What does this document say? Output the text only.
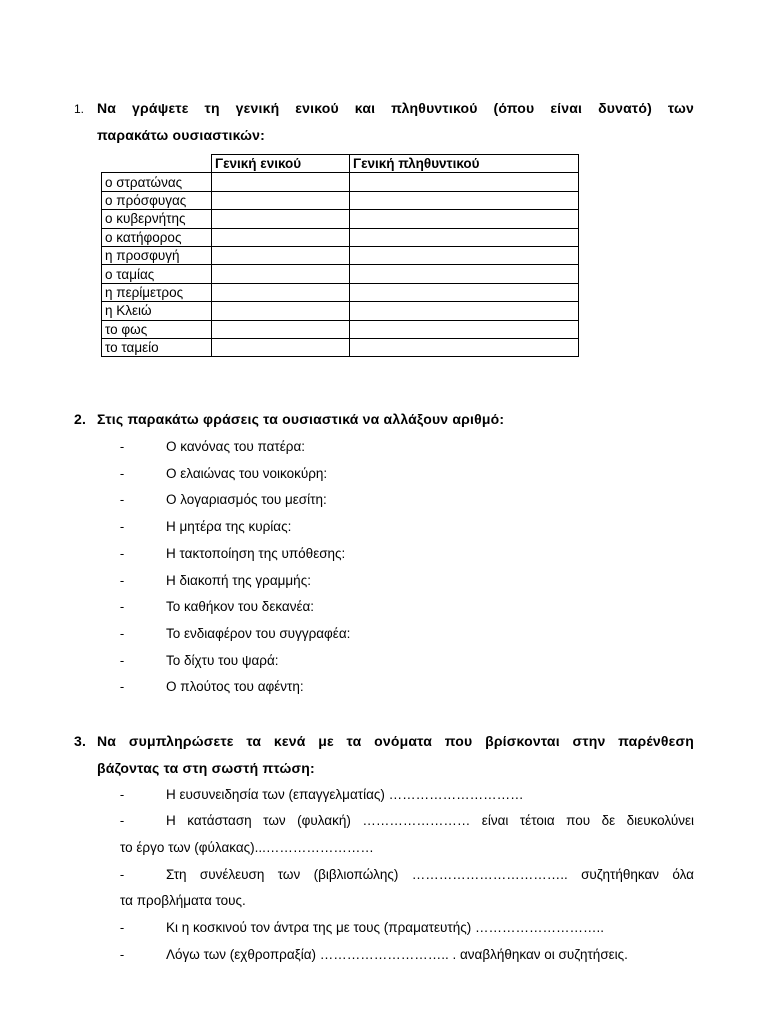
1. Να γράψετε τη γενική ενικού και πληθυντικού (όπου είναι δυνατό) των
παρακάτω ουσιαστικών:
	Γενική ενικού	Γενική πληθυντικού
ο στρατώνας		
ο πρόσφυγας		
ο κυβερνήτης		
ο κατήφορος		
η προσφυγή		
ο ταμίας		
η περίμετρος		
η Κλειώ		
το φως		
το ταμείο		
2. Στις παρακάτω φράσεις τα ουσιαστικά να αλλάξουν αριθμό:
-	Ο κανόνας του πατέρα:
-	Ο ελαιώνας του νοικοκύρη:
-	Ο λογαριασμός του μεσίτη:
-	Η μητέρα της κυρίας:
-	Η τακτοποίηση της υπόθεσης:
-	Η διακοπή της γραμμής:
-	Το καθήκον του δεκανέα:
-	Το ενδιαφέρον του συγγραφέα:
-	Το δίχτυ του ψαρά:
-	Ο πλούτος του αφέντη:
3. Να συμπληρώσετε τα κενά με τα ονόματα που βρίσκονται στην παρένθεση
βάζοντας τα στη σωστή πτώση:
-	Η ευσυνειδησία των (επαγγελματίας) …………………………
-	Η κατάσταση των (φυλακή) …………………… είναι τέτοια που δε διευκολύνει
το έργο των (φύλακας)...……………………
-	Στη συνέλευση των (βιβλιοπώλης) …………………………….. συζητήθηκαν όλα
τα προβλήματα τους.
-	Κι η κοσκινού τον άντρα της με τους (πραματευτής) ………………………..
-	Λόγω των (εχθροπραξία) ……………………….. . αναβλήθηκαν οι συζητήσεις.
